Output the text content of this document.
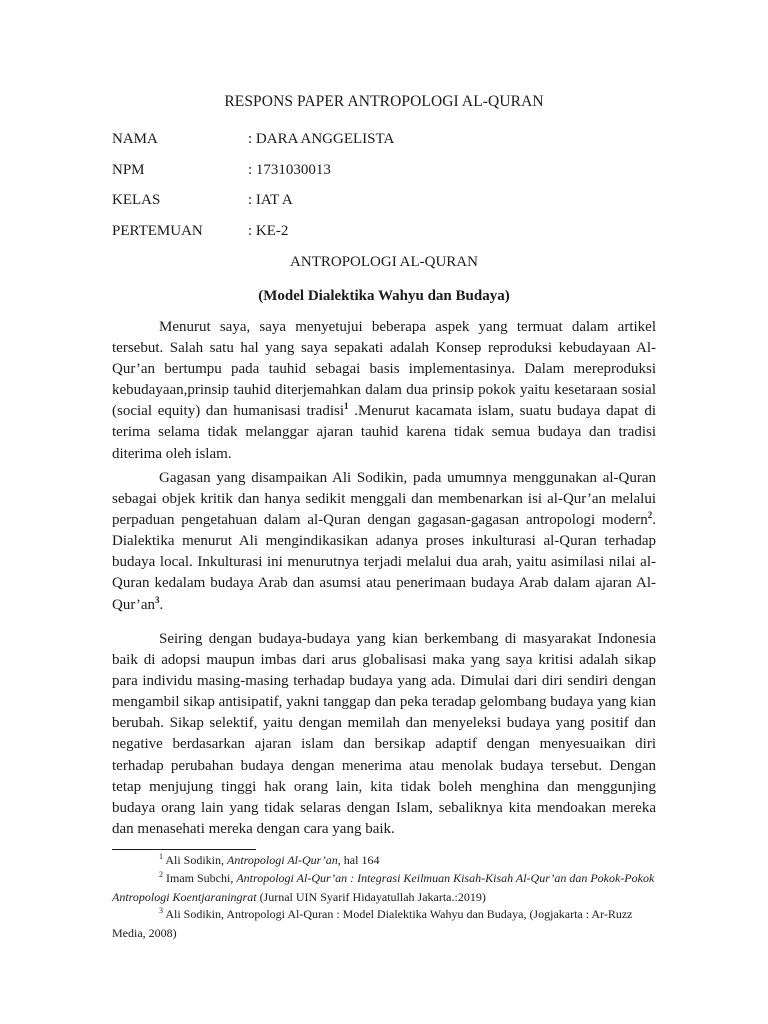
RESPONS PAPER ANTROPOLOGI AL-QURAN
NAMA	: DARA ANGGELISTA
NPM	: 1731030013
KELAS	: IAT A
PERTEMUAN	: KE-2
ANTROPOLOGI AL-QURAN
(Model Dialektika Wahyu dan Budaya)

Menurut saya, saya menyetujui beberapa aspek yang termuat dalam artikel tersebut. Salah satu hal yang saya sepakati adalah Konsep reproduksi kebudayaan Al-Qur’an bertumpu pada tauhid sebagai basis implementasinya. Dalam mereproduksi kebudayaan,prinsip tauhid diterjemahkan dalam dua prinsip pokok yaitu kesetaraan sosial (social equity) dan humanisasi tradisi$^1$ .Menurut kacamata islam, suatu budaya dapat di terima selama tidak melanggar ajaran tauhid karena tidak semua budaya dan tradisi diterima oleh islam.

Gagasan yang disampaikan Ali Sodikin, pada umumnya menggunakan al-Quran sebagai objek kritik dan hanya sedikit menggali dan membenarkan isi al-Qur’an melalui perpaduan pengetahuan dalam al-Quran dengan gagasan-gagasan antropologi modern$^2$. Dialektika menurut Ali mengindikasikan adanya proses inkulturasi al-Quran terhadap budaya local. Inkulturasi ini menurutnya terjadi melalui dua arah, yaitu asimilasi nilai al-Quran kedalam budaya Arab dan asumsi atau penerimaan budaya Arab dalam ajaran $Al-Qur’an^3$.

Seiring dengan budaya-budaya yang kian berkembang di masyarakat Indonesia baik di adopsi maupun imbas dari arus globalisasi maka yang saya kritisi adalah sikap para individu masing-masing terhadap budaya yang ada. Dimulai dari diri sendiri dengan mengambil sikap antisipatif, yakni tanggap dan peka teradap gelombang budaya yang kian berubah. Sikap selektif, yaitu dengan memilah dan menyeleksi budaya yang positif dan negative berdasarkan ajaran islam dan bersikap adaptif dengan menyesuaikan diri terhadap perubahan budaya dengan menerima atau menolak budaya tersebut. Dengan tetap menjujung tinggi hak orang lain, kita tidak boleh menghina dan menggunjing budaya orang lain yang tidak selaras dengan Islam, sebaliknya kita mendoakan mereka dan menasehati mereka dengan cara yang baik.

$^1$ Ali Sodikin, Antropologi Al-Qur’an, hal 164

$^2$ Imam Subchi, Antropologi Al-Qur’an : Integrasi Keilmuan Kisah-Kisah Al-Qur’an dan Pokok-Pokok Antropologi Koentjaraningrat (Jurnal UIN Syarif Hidayatullah Jakarta.:2019)

$^3$ Ali Sodikin, Antropologi Al-Quran : Model Dialektika Wahyu dan Budaya, (Jogjakarta : Ar-Ruzz Media, 2008)
